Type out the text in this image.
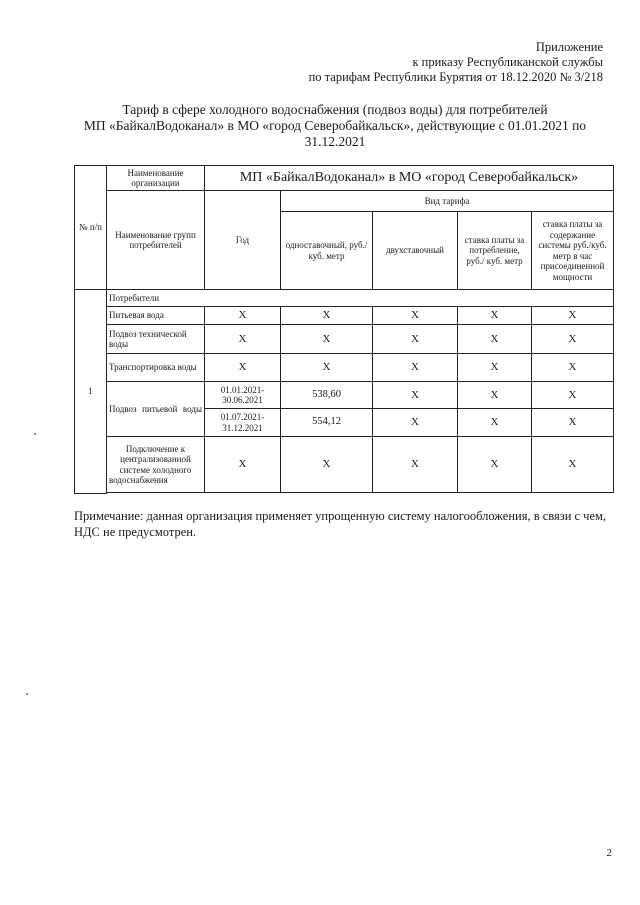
Приложение
к приказу Республиканской службы
по тарифам Республики Бурятия от 18.12.2020 № 3/218
Тариф в сфере холодного водоснабжения (подвоз воды) для потребителей
МП «БайкалВодоканал» в МО «город Северобайкальск», действующие с 01.01.2021 по
31.12.2021
№ п/п	Наименование организации	МП «БайкалВодоканал» в МО «город Северобайкальск»				
	Наименование групп потребителей	Год	Вид тарифа			
			одноставочный, руб./ куб. метр	двухставочный	ставка платы за потребление, руб./ куб. метр	ставка платы за содержание системы руб./куб. метр в час присоединенной мощности
1	Потребители					
	Питьевая вода	Х	Х	Х	Х	Х
	Подвоз технической воды	Х	Х	Х	Х	Х
	Транспортировка воды	Х	Х	Х	Х	Х
	Подвоз питьевой воды	01.01.2021-30.06.2021	538,60	Х	Х	Х
		01.07.2021-31.12.2021	554,12	Х	Х	Х
	Подключение к централизованной системе холодного водоснабжения	Х	Х	Х	Х	Х

Примечание: данная организация применяет упрощенную систему налогообложения, в связи с чем, НДС не предусмотрен.
2
